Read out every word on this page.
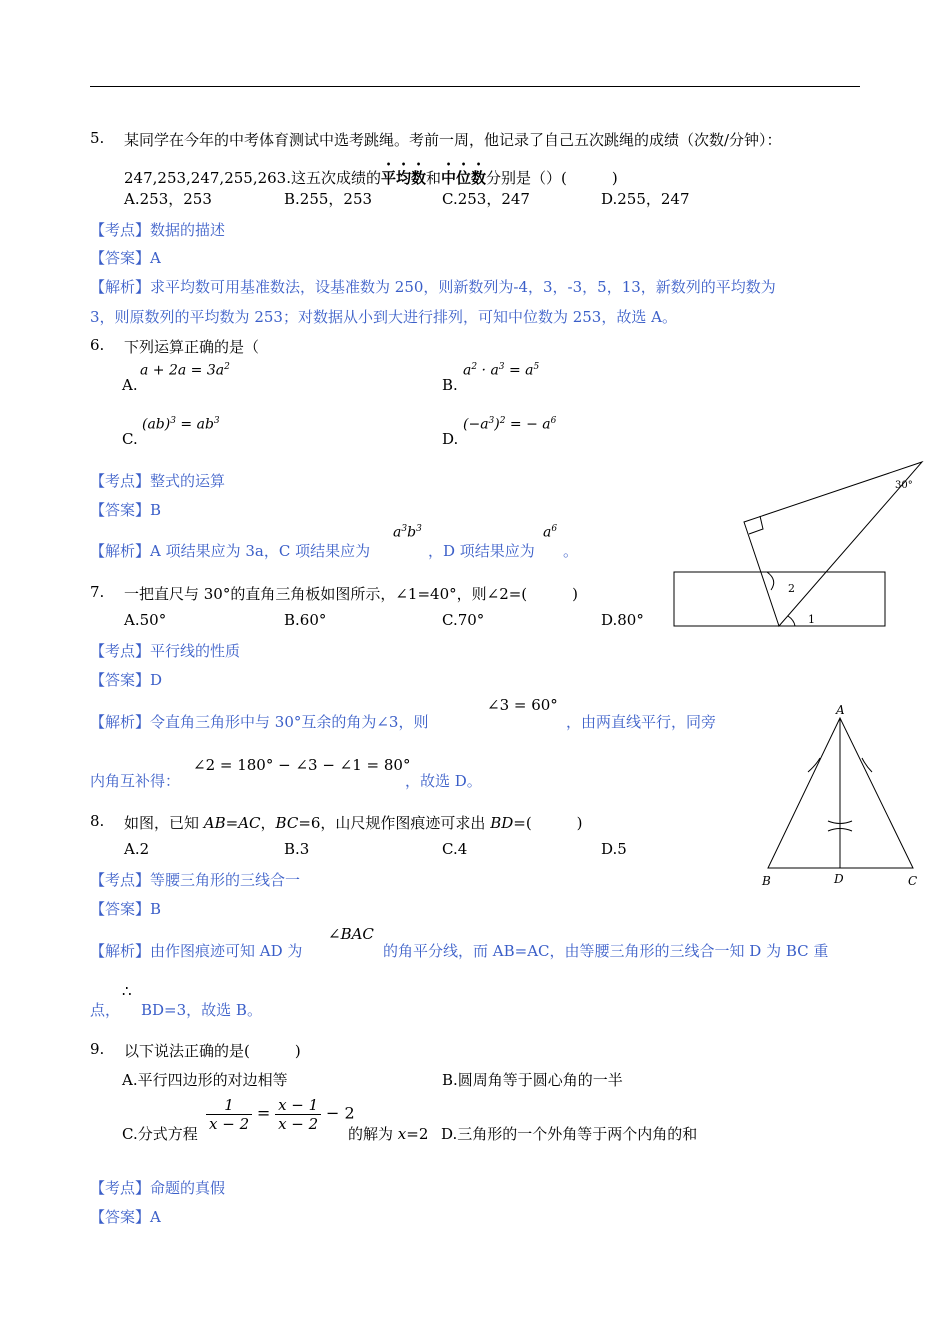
5. 某同学在今年的中考体育测试中选考跳绳。考前一周，他记录了自己五次跳绳的成绩（次数/分钟）：
247,253,247,255,263.这五次成绩的平均数和中位数分别是（）(　　　)
A.253，253	B.255，253	C.253，247	D.255，247
【考点】数据的描述
【答案】A
【解析】求平均数可用基准数法，设基准数为 250，则新数列为-4，3，-3，5，13，新数列的平均数为
3，则原数列的平均数为 253；对数据从小到大进行排列，可知中位数为 253，故选 A。
6. 下列运算正确的是（
A.
$a + 2a = 3a^2$
B.
$a^2 \cdot a^3 = a^5$
C.
$(ab)^3 = ab^3$
D.
$(-a^3)^2$ = − $a^6$
【考点】整式的运算
【答案】B
【解析】A 项结果应为 3a，C 项结果应为
$a^3b^3$
，D 项结果应为
$a^6$
。
30°
2
1
7. 一把直尺与 30°的直角三角板如图所示，∠1=40°，则∠2=(　　　)
A.50°	B.60°	C.70°	D.80°
【考点】平行线的性质
【答案】D
【解析】令直角三角形中与 30°互余的角为∠3，则
∠3 = 60°
，由两直线平行，同旁
内角互补得：
∠2 = 180° − ∠3 − ∠1 = 80°
，故选 D。
A
B	D	C
8. 如图，已知 AB=AC，BC=6，山尺规作图痕迹可求出 BD=(　　　)
A.2	B.3	C.4	D.5
【考点】等腰三角形的三线合一
【答案】B
【解析】由作图痕迹可知 AD 为
∠BAC
的角平分线，而 AB=AC，由等腰三角形的三线合一知 D 为 BC 重
点，
∴
BD=3，故选 B。
9. 以下说法正确的是(　　　)
A.平行四边形的对边相等	B.圆周角等于圆心角的一半
C.分式方程
$\frac{1}{x - 2} = \frac{x - 1}{x - 2} - 2$
的解为 x=2 D.三角形的一个外角等于两个内角的和
【考点】命题的真假
【答案】A
